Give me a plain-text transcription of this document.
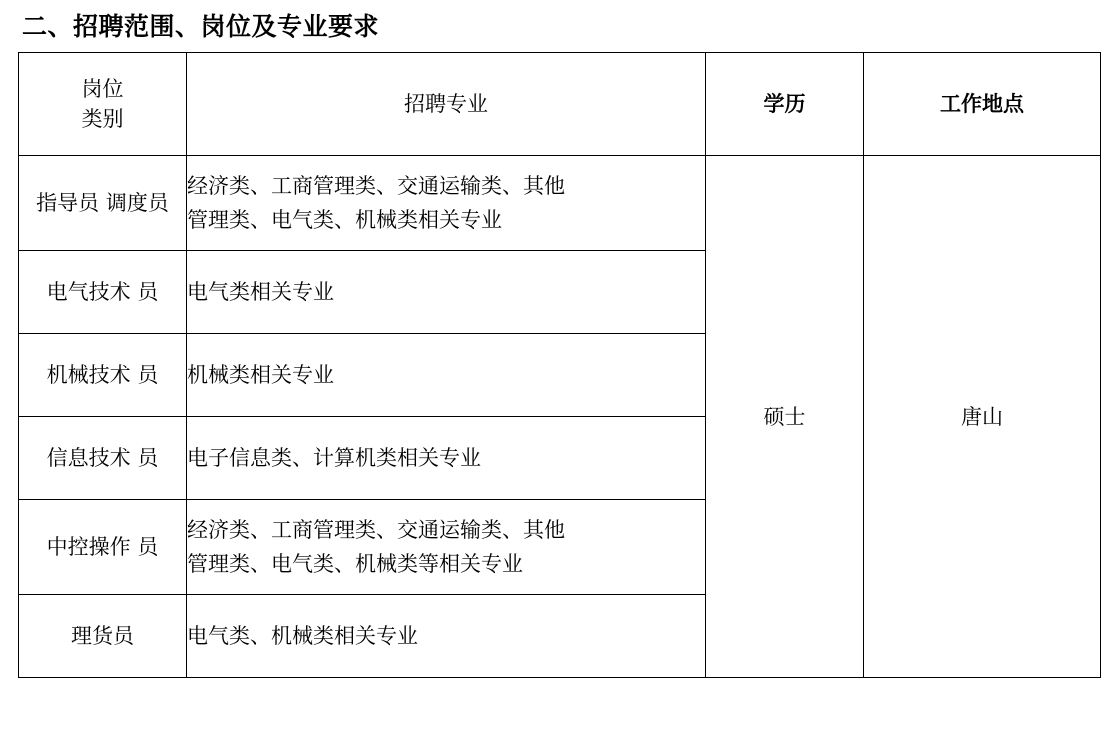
二、招聘范围、岗位及专业要求
岗位
类别	招聘专业	学历	工作地点
指导员 调度员	经济类、工商管理类、交通运输类、其他
管理类、电气类、机械类相关专业	硕士	唐山
电气技术 员	电气类相关专业		

机械技术 员	机械类相关专业		

信息技术 员	电子信息类、计算机类相关专业		

中控操作 员	经济类、工商管理类、交通运输类、其他
管理类、电气类、机械类等相关专业		

理货员	电气类、机械类相关专业		
